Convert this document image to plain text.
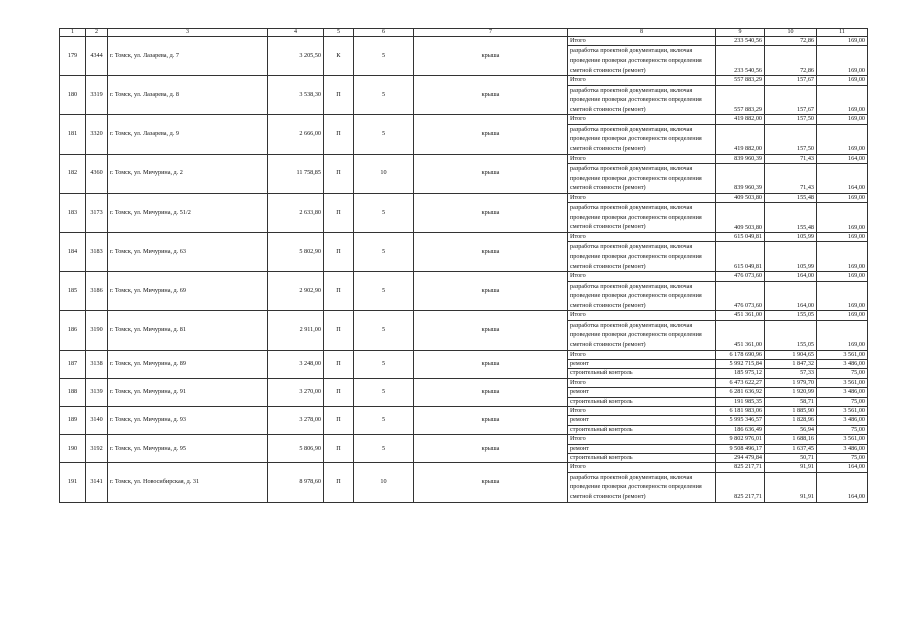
1	2	3	4	5	6	7	8	9	10	11
179	4344	г. Томск, ул. Лазарева, д. 7	3 205,50	К	5	крыша	Итого	233 540,56	72,86	169,00
							разработка проектной документации, включая проведение проверки достоверности определения сметной стоимости (ремонт)	233 540,56	72,86	169,00
180	3319	г. Томск, ул. Лазарева, д. 8	3 538,30	П	5	крыша	Итого	557 883,29	157,67	169,00
							разработка проектной документации, включая проведение проверки достоверности определения сметной стоимости (ремонт)	557 883,29	157,67	169,00
181	3320	г. Томск, ул. Лазарева, д. 9	2 666,00	П	5	крыша	Итого	419 882,00	157,50	169,00
							разработка проектной документации, включая проведение проверки достоверности определения сметной стоимости (ремонт)	419 882,00	157,50	169,00
182	4360	г. Томск, ул. Мичурина, д. 2	11 758,85	П	10	крыша	Итого	839 960,39	71,43	164,00
							разработка проектной документации, включая проведение проверки достоверности определения сметной стоимости (ремонт)	839 960,39	71,43	164,00
183	3173	г. Томск, ул. Мичурина, д. 51/2	2 633,80	П	5	крыша	Итого	409 503,80	155,48	169,00
							разработка проектной документации, включая проведение проверки достоверности определения сметной стоимости (ремонт)	409 503,80	155,48	169,00
184	3183	г. Томск, ул. Мичурина, д. 63	5 802,90	П	5	крыша	Итого	615 049,81	105,99	169,00
							разработка проектной документации, включая проведение проверки достоверности определения сметной стоимости (ремонт)	615 049,81	105,99	169,00
185	3186	г. Томск, ул. Мичурина, д. 69	2 902,90	П	5	крыша	Итого	476 073,60	164,00	169,00
							разработка проектной документации, включая проведение проверки достоверности определения сметной стоимости (ремонт)	476 073,60	164,00	169,00
186	3190	г. Томск, ул. Мичурина, д. 81	2 911,00	П	5	крыша	Итого	451 361,00	155,05	169,00
							разработка проектной документации, включая проведение проверки достоверности определения сметной стоимости (ремонт)	451 361,00	155,05	169,00
187	3138	г. Томск, ул. Мичурина, д. 89	3 248,00	П	5	крыша	Итого	6 178 690,96	1 904,65	3 561,00
							ремонт	5 992 715,84	1 847,32	3 486,00
							строительный контроль	185 975,12	57,33	75,00
188	3139	г. Томск, ул. Мичурина, д. 91	3 270,00	П	5	крыша	Итого	6 473 622,27	1 979,70	3 561,00
							ремонт	6 281 636,92	1 920,99	3 486,00
							строительный контроль	191 985,35	58,71	75,00
189	3140	г. Томск, ул. Мичурина, д. 93	3 278,00	П	5	крыша	Итого	6 181 983,06	1 885,90	3 561,00
							ремонт	5 995 346,57	1 828,96	3 486,00
							строительный контроль	186 636,49	56,94	75,00
190	3192	г. Томск, ул. Мичурина, д. 95	5 806,90	П	5	крыша	Итого	9 802 976,01	1 688,16	3 561,00
							ремонт	9 508 496,17	1 637,45	3 486,00
							строительный контроль	294 479,84	50,71	75,00
191	3141	г. Томск, ул. Новосибирская, д. 31	8 978,60	П	10	крыша	Итого	825 217,71	91,91	164,00
							разработка проектной документации, включая проведение проверки достоверности определения сметной стоимости (ремонт)	825 217,71	91,91	164,00
